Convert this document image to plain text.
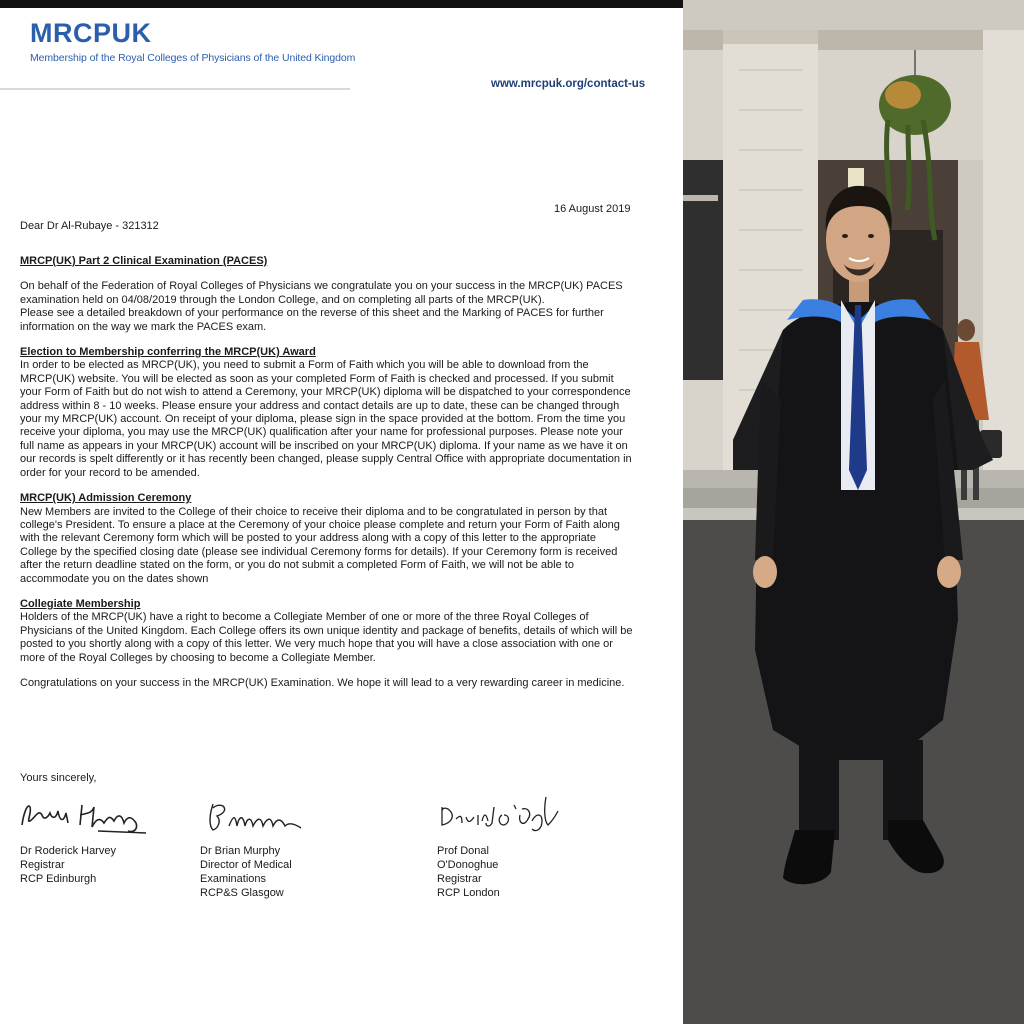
MRCPUK
Membership of the Royal Colleges of Physicians of the United Kingdom
www.mrcpuk.org/contact-us
16 August 2019
Dear Dr Al-Rubaye - 321312

MRCP(UK) Part 2 Clinical Examination (PACES)

On behalf of the Federation of Royal Colleges of Physicians we congratulate you on your success in the MRCP(UK) PACES examination held on 04/08/2019 through the London College, and on completing all parts of the MRCP(UK).

Please see a detailed breakdown of your performance on the reverse of this sheet and the Marking of PACES for further information on the way we mark the PACES exam.

Election to Membership conferring the MRCP(UK) Award

In order to be elected as MRCP(UK), you need to submit a Form of Faith which you will be able to download from the MRCP(UK) website. You will be elected as soon as your completed Form of Faith is checked and processed. If you submit your Form of Faith but do not wish to attend a Ceremony, your MRCP(UK) diploma will be dispatched to your correspondence address within 8 - 10 weeks. Please ensure your address and contact details are up to date, these can be changed through your my MRCP(UK) account. On receipt of your diploma, please sign in the space provided at the bottom. From the time you receive your diploma, you may use the MRCP(UK) qualification after your name for professional purposes. Please note your full name as appears in your MRCP(UK) account will be inscribed on your MRCP(UK) diploma. If your name as we have it on our records is spelt differently or it has recently been changed, please supply Central Office with appropriate documentation in order for your record to be amended.

MRCP(UK) Admission Ceremony

New Members are invited to the College of their choice to receive their diploma and to be congratulated in person by that college's President. To ensure a place at the Ceremony of your choice please complete and return your Form of Faith along with the relevant Ceremony form which will be posted to your address along with a copy of this letter to the appropriate College by the specified closing date (please see individual Ceremony forms for details). If your Ceremony form is received after the return deadline stated on the form, or you do not submit a completed Form of Faith, we will not be able to accommodate you on the dates shown

Collegiate Membership

Holders of the MRCP(UK) have a right to become a Collegiate Member of one or more of the three Royal Colleges of Physicians of the United Kingdom. Each College offers its own unique identity and package of benefits, details of which will be posted to you shortly along with a copy of this letter. We very much hope that you will have a close association with one or more of the Royal Colleges by choosing to become a Collegiate Member.

Congratulations on your success in the MRCP(UK) Examination. We hope it will lead to a very rewarding career in medicine.

Yours sincerely,
Dr Roderick Harvey
Registrar
RCP Edinburgh
Dr Brian Murphy
Director of Medical
Examinations
RCP&S Glasgow
Prof Donal
O'Donoghue
Registrar
RCP London
